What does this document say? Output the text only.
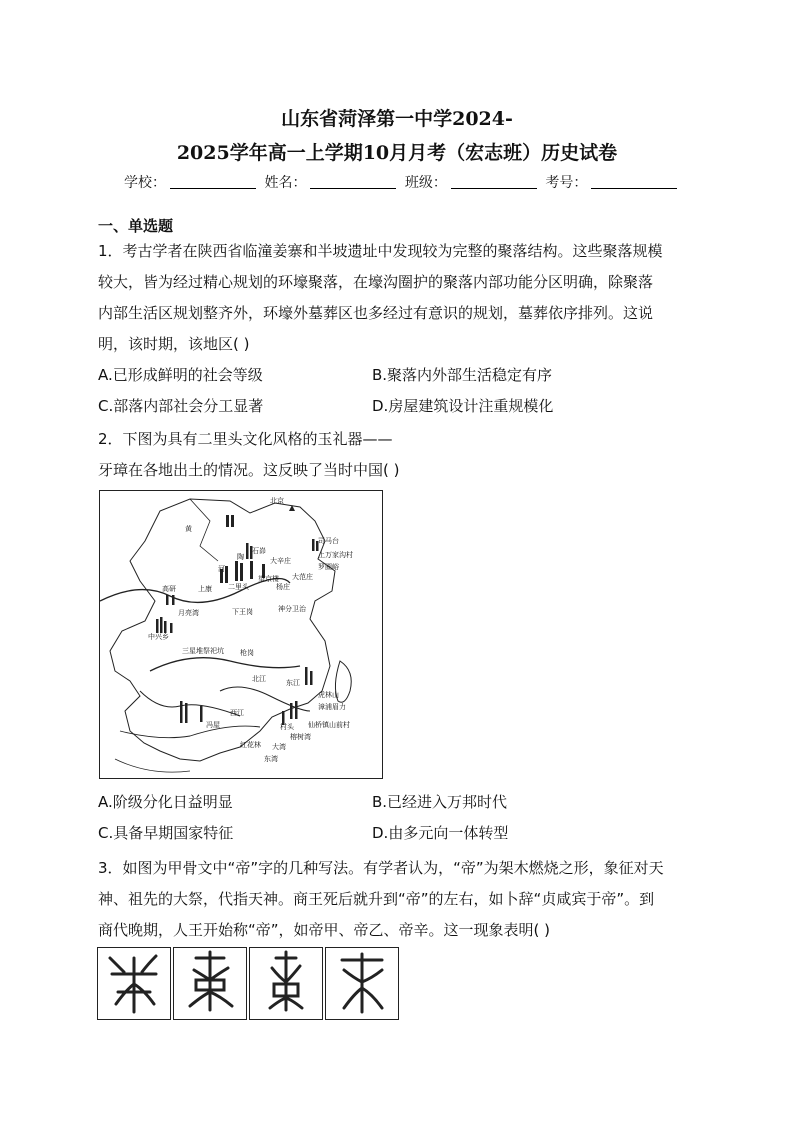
山东省菏泽第一中学2024-
2025学年高一上学期10月月考（宏志班）历史试卷
学校：	姓名：	班级：	考号：
一、单选题
1．考古学者在陕西省临潼姜寨和半坡遗址中发现较为完整的聚落结构。这些聚落规模
较大，皆为经过精心规划的环壕聚落，在壕沟圈护的聚落内部功能分区明确，除聚落
内部生活区规划整齐外，环壕外墓葬区也多经过有意识的规划，墓葬依序排列。这说
明，该时期，该地区( )
A.已形成鲜明的社会等级	B.聚落内外部生活稳定有序
C.部落内部社会分工显著	D.房屋建筑设计注重规模化
2．下图为具有二里头文化风格的玉礼器——
牙璋在各地出土的情况。这反映了当时中国( )
北京
黄
河
石峁
陶
司马台
上万家沟村
罗圈峪
大范庄
大辛庄
高研	二里头
望京楼
杨庄
上康
月亮湾	下王岗
中兴乡
三星堆祭祀坑 枪岗
神分卫治
北江	东江
虎林山
西江
漳浦眉力
仙桥镇山前村
村头
榕树湾
冯屋
红花林 大湾
东湾
A.阶级分化日益明显	B.已经进入万邦时代
C.具备早期国家特征	D.由多元向一体转型
3．如图为甲骨文中“帝”字的几种写法。有学者认为，“帝”为架木燃烧之形，象征对天
神、祖先的大祭，代指天神。商王死后就升到“帝”的左右，如卜辞“贞咸宾于帝”。到
商代晚期，人王开始称“帝”，如帝甲、帝乙、帝辛。这一现象表明( )
